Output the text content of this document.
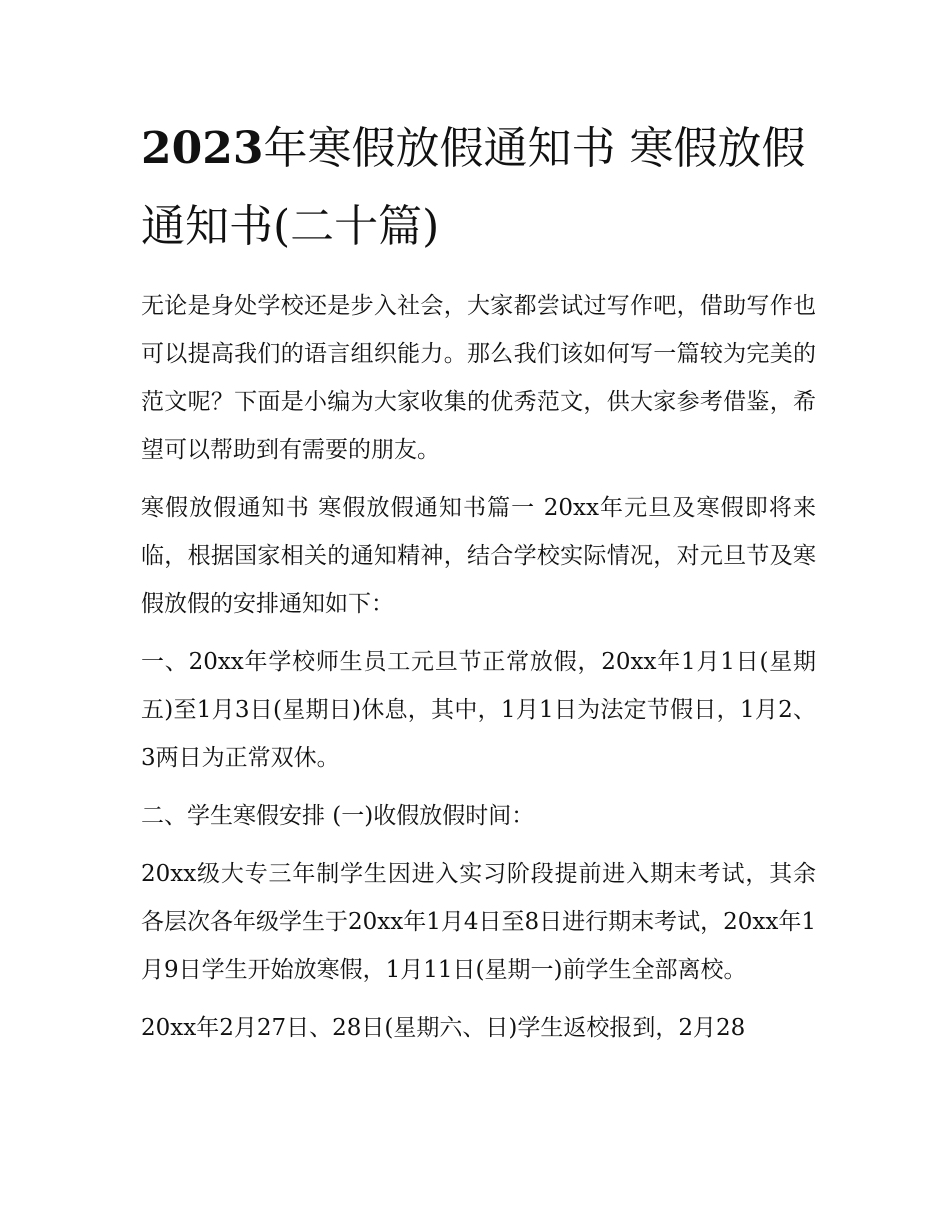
2023年寒假放假通知书 寒假放假通知书(二十篇)

无论是身处学校还是步入社会，大家都尝试过写作吧，借助写作也可以提高我们的语言组织能力。那么我们该如何写一篇较为完美的范文呢？下面是小编为大家收集的优秀范文，供大家参考借鉴，希望可以帮助到有需要的朋友。

寒假放假通知书 寒假放假通知书篇一 20xx年元旦及寒假即将来临，根据国家相关的通知精神，结合学校实际情况，对元旦节及寒假放假的安排通知如下：

一、20xx年学校师生员工元旦节正常放假，20xx年1月1日(星期五)至1月3日(星期日)休息，其中，1月1日为法定节假日，1月2、3两日为正常双休。

二、学生寒假安排 (一)收假放假时间：

20xx级大专三年制学生因进入实习阶段提前进入期末考试，其余各层次各年级学生于20xx年1月4日至8日进行期末考试，20xx年1月9日学生开始放寒假，1月11日(星期一)前学生全部离校。

20xx年2月27日、28日(星期六、日)学生返校报到，2月28
